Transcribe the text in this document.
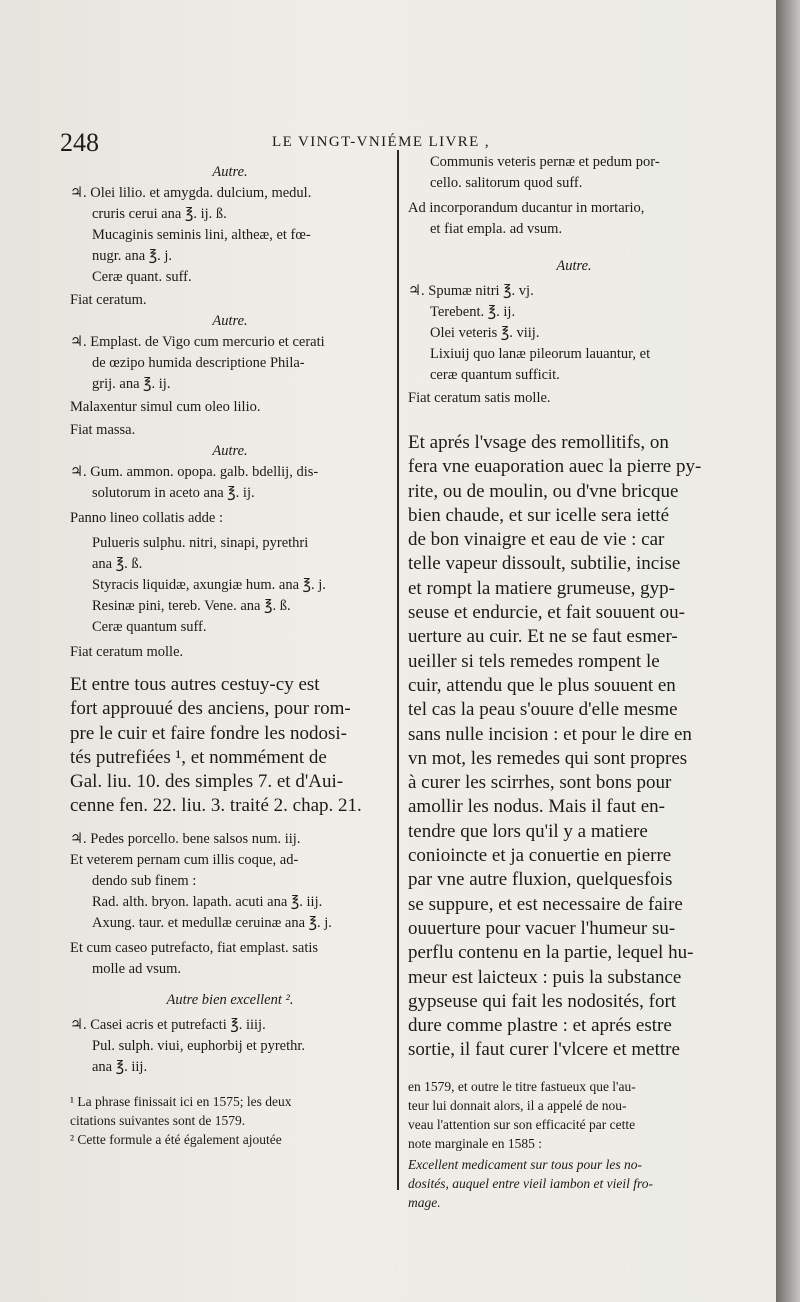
248	LE VINGT-VNIÉME LIVRE ,
Autre.
♃. Olei lilio. et amygda. dulcium, medul.
cruris cerui ana ℥. ij. ß.
Mucaginis seminis lini, altheæ, et fœ-
nugr. ana ℥. j.
Ceræ quant. suff.
Fiat ceratum.
Autre.
♃. Emplast. de Vigo cum mercurio et cerati
de œzipo humida descriptione Phila-
grij. ana ℥. ij.
Malaxentur simul cum oleo lilio.
Fiat massa.
Autre.
♃. Gum. ammon. opopa. galb. bdellij, dis-
solutorum in aceto ana ℥. ij.
Panno lineo collatis adde :
Pulueris sulphu. nitri, sinapi, pyrethri
ana ℥. ß.
Styracis liquidæ, axungiæ hum. ana ℥. j.
Resinæ pini, tereb. Vene. ana ℥. ß.
Ceræ quantum suff.
Fiat ceratum molle.
Et entre tous autres cestuy-cy est
fort approuué des anciens, pour rom-
pre le cuir et faire fondre les nodosi-
tés putrefiées ¹, et nommément de
Gal. liu. 10. des simples 7. et d'Aui-
cenne fen. 22. liu. 3. traité 2. chap. 21.
♃. Pedes porcello. bene salsos num. iij.
Et veterem pernam cum illis coque, ad-
dendo sub finem :
Rad. alth. bryon. lapath. acuti ana ℥. iij.
Axung. taur. et medullæ ceruinæ ana ℥. j.
Et cum caseo putrefacto, fiat emplast. satis
molle ad vsum.
Autre bien excellent ².
♃. Casei acris et putrefacti ℥. iiij.
Pul. sulph. viui, euphorbij et pyrethr.
ana ℥. iij.
¹ La phrase finissait ici en 1575; les deux
citations suivantes sont de 1579.
² Cette formule a été également ajoutée
Communis veteris pernæ et pedum por-
cello. salitorum quod suff.
Ad incorporandum ducantur in mortario,
et fiat empla. ad vsum.
Autre.
♃. Spumæ nitri ℥. vj.
Terebent. ℥. ij.
Olei veteris ℥. viij.
Lixiuij quo lanæ pileorum lauantur, et
ceræ quantum sufficit.
Fiat ceratum satis molle.
Et aprés l'vsage des remollitifs, on
fera vne euaporation auec la pierre py-
rite, ou de moulin, ou d'vne bricque
bien chaude, et sur icelle sera ietté
de bon vinaigre et eau de vie : car
telle vapeur dissoult, subtilie, incise
et rompt la matiere grumeuse, gyp-
seuse et endurcie, et fait souuent ou-
uerture au cuir. Et ne se faut esmer-
ueiller si tels remedes rompent le
cuir, attendu que le plus souuent en
tel cas la peau s'ouure d'elle mesme
sans nulle incision : et pour le dire en
vn mot, les remedes qui sont propres
à curer les scirrhes, sont bons pour
amollir les nodus. Mais il faut en-
tendre que lors qu'il y a matiere
conioincte et ja conuertie en pierre
par vne autre fluxion, quelquesfois
se suppure, et est necessaire de faire
ouuerture pour vacuer l'humeur su-
perflu contenu en la partie, lequel hu-
meur est laicteux : puis la substance
gypseuse qui fait les nodosités, fort
dure comme plastre : et aprés estre
sortie, il faut curer l'vlcere et mettre
en 1579, et outre le titre fastueux que l'au-
teur lui donnait alors, il a appelé de nou-
veau l'attention sur son efficacité par cette
note marginale en 1585 :
Excellent medicament sur tous pour les no-
dosités, auquel entre vieil iambon et vieil fro-
mage.
